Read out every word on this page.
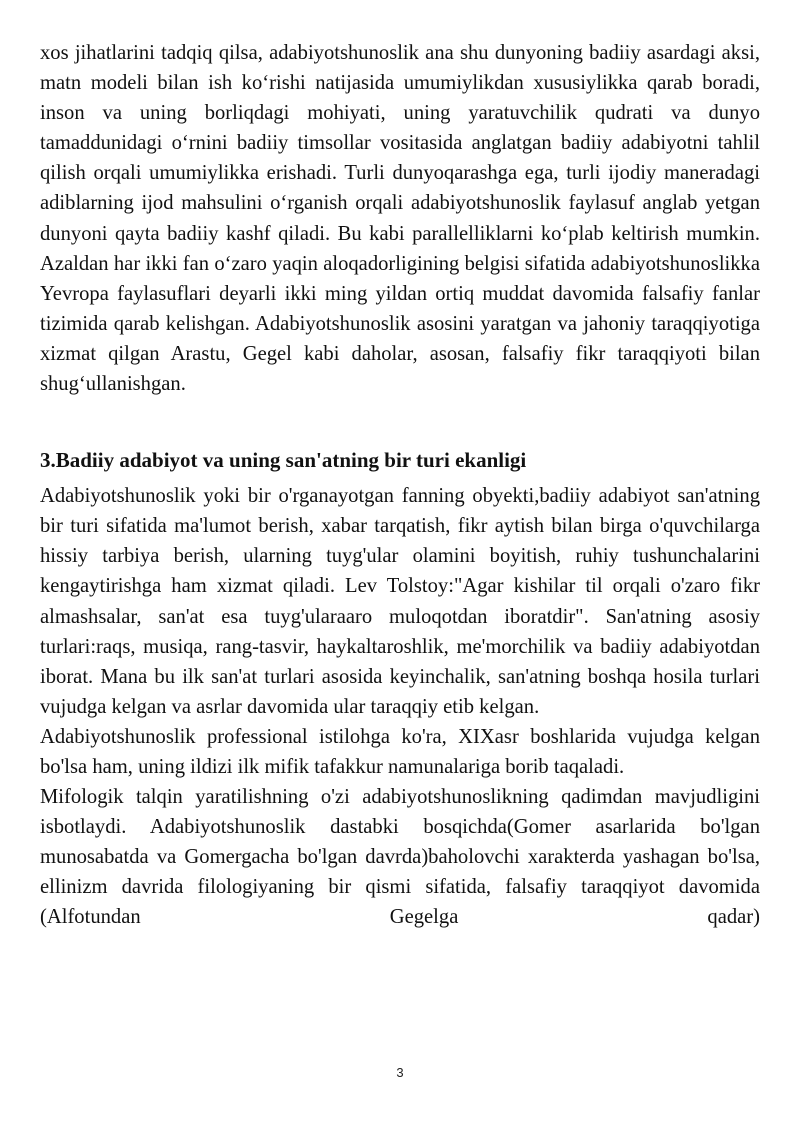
xos jihatlarini tadqiq qilsa, adabiyotshunoslik ana shu dunyoning badiiy asardagi aksi, matn modeli bilan ish ko‘rishi natijasida umumiylikdan xususiylikka qarab boradi, inson va uning borliqdagi mohiyati, uning yaratuvchilik qudrati va dunyo tamaddunidagi o‘rnini badiiy timsollar vositasida anglatgan badiiy adabiyotni tahlil qilish orqali umumiylikka erishadi. Turli dunyoqarashga ega, turli ijodiy maneradagi adiblarning ijod mahsulini o‘rganish orqali adabiyotshunoslik faylasuf anglab yetgan dunyoni qayta badiiy kashf qiladi. Bu kabi parallelliklarni ko‘plab keltirish mumkin. Azaldan har ikki fan o‘zaro yaqin aloqadorligining belgisi sifatida adabiyotshunoslikka Yevropa faylasuflari deyarli ikki ming yildan ortiq muddat davomida falsafiy fanlar tizimida qarab kelishgan. Adabiyotshunoslik asosini yaratgan va jahoniy taraqqiyotiga xizmat qilgan Arastu, Gegel kabi daholar, asosan, falsafiy fikr taraqqiyoti bilan shug‘ullanishgan.

3.Badiiy adabiyot va uning san'atning bir turi ekanligi

Adabiyotshunoslik yoki bir o'rganayotgan fanning obyekti,badiiy adabiyot san'atning bir turi sifatida ma'lumot berish, xabar tarqatish, fikr aytish bilan birga o'quvchilarga hissiy tarbiya berish, ularning tuyg'ular olamini boyitish, ruhiy tushunchalarini kengaytirishga ham xizmat qiladi. Lev Tolstoy:"Agar kishilar til orqali o'zaro fikr almashsalar, san'at esa tuyg'ularaaro muloqotdan iboratdir". San'atning asosiy turlari:raqs, musiqa, rang-tasvir, haykaltaroshlik, me'morchilik va badiiy adabiyotdan iborat. Mana bu ilk san'at turlari asosida keyinchalik, san'atning boshqa hosila turlari vujudga kelgan va asrlar davomida ular taraqqiy etib kelgan.

Adabiyotshunoslik professional istilohga ko'ra, XIXasr boshlarida vujudga kelgan bo'lsa ham, uning ildizi ilk mifik tafakkur namunalariga borib taqaladi.

Mifologik talqin yaratilishning o'zi adabiyotshunoslikning qadimdan mavjudligini isbotlaydi. Adabiyotshunoslik dastabki bosqichda(Gomer asarlarida bo'lgan munosabatda va Gomergacha bo'lgan davrda)baholovchi xarakterda yashagan bo'lsa, ellinizm davrida filologiyaning bir qismi sifatida, falsafiy taraqqiyot davomida (Alfotundan Gegelga qadar)

3
